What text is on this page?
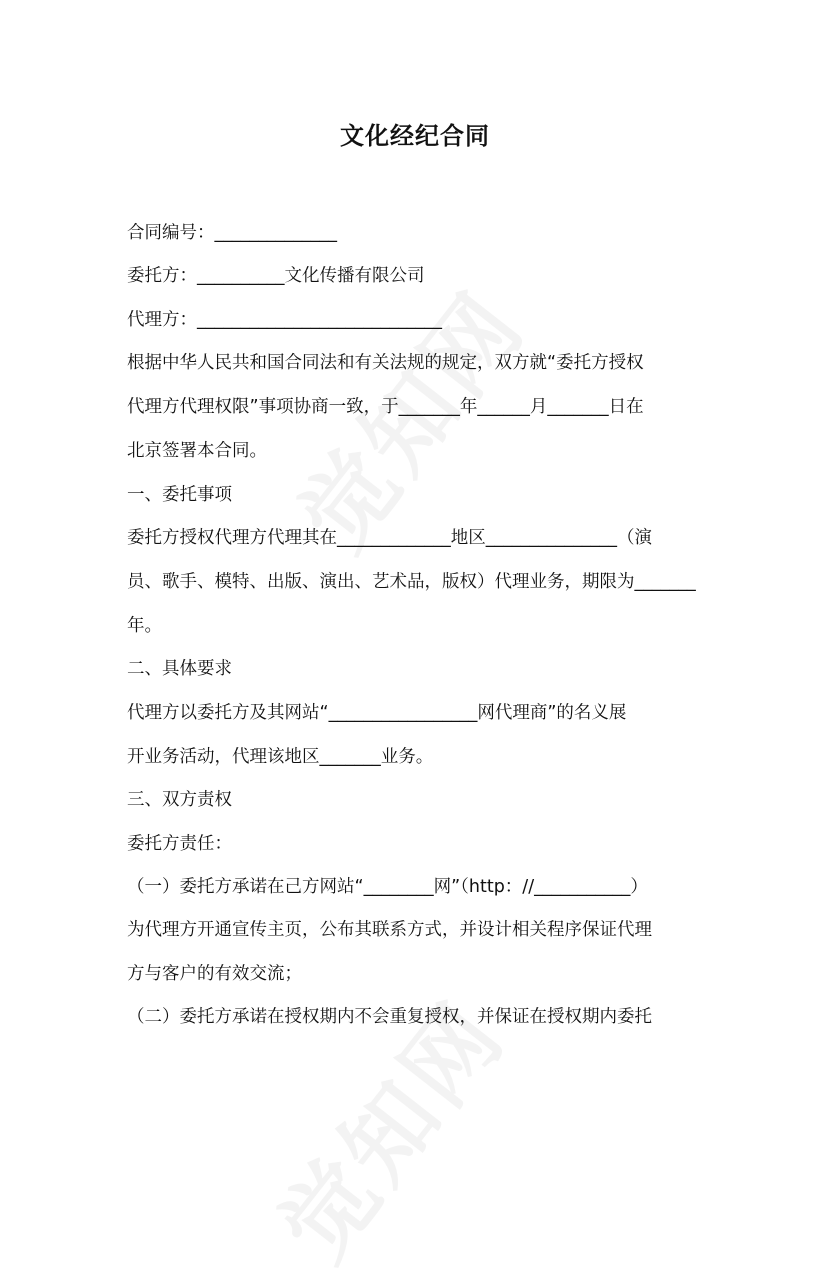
文化经纪合同

合同编号：______________

委托方：__________文化传播有限公司

代理方：____________________________

根据中华人民共和国合同法和有关法规的规定，双方就“委托方授权

代理方代理权限”事项协商一致，于_______年______月_______日在

北京签署本合同。

一、委托事项

委托方授权代理方代理其在_____________地区_______________（演

员、歌手、模特、出版、演出、艺术品，版权）代理业务，期限为_______

年。

二、具体要求

代理方以委托方及其网站“_________________网代理商”的名义展

开业务活动，代理该地区_______业务。

三、双方责权

委托方责任：

（一）委托方承诺在己方网站“________网”（http：//___________）

为代理方开通宣传主页，公布其联系方式，并设计相关程序保证代理

方与客户的有效交流；

（二）委托方承诺在授权期内不会重复授权，并保证在授权期内委托
